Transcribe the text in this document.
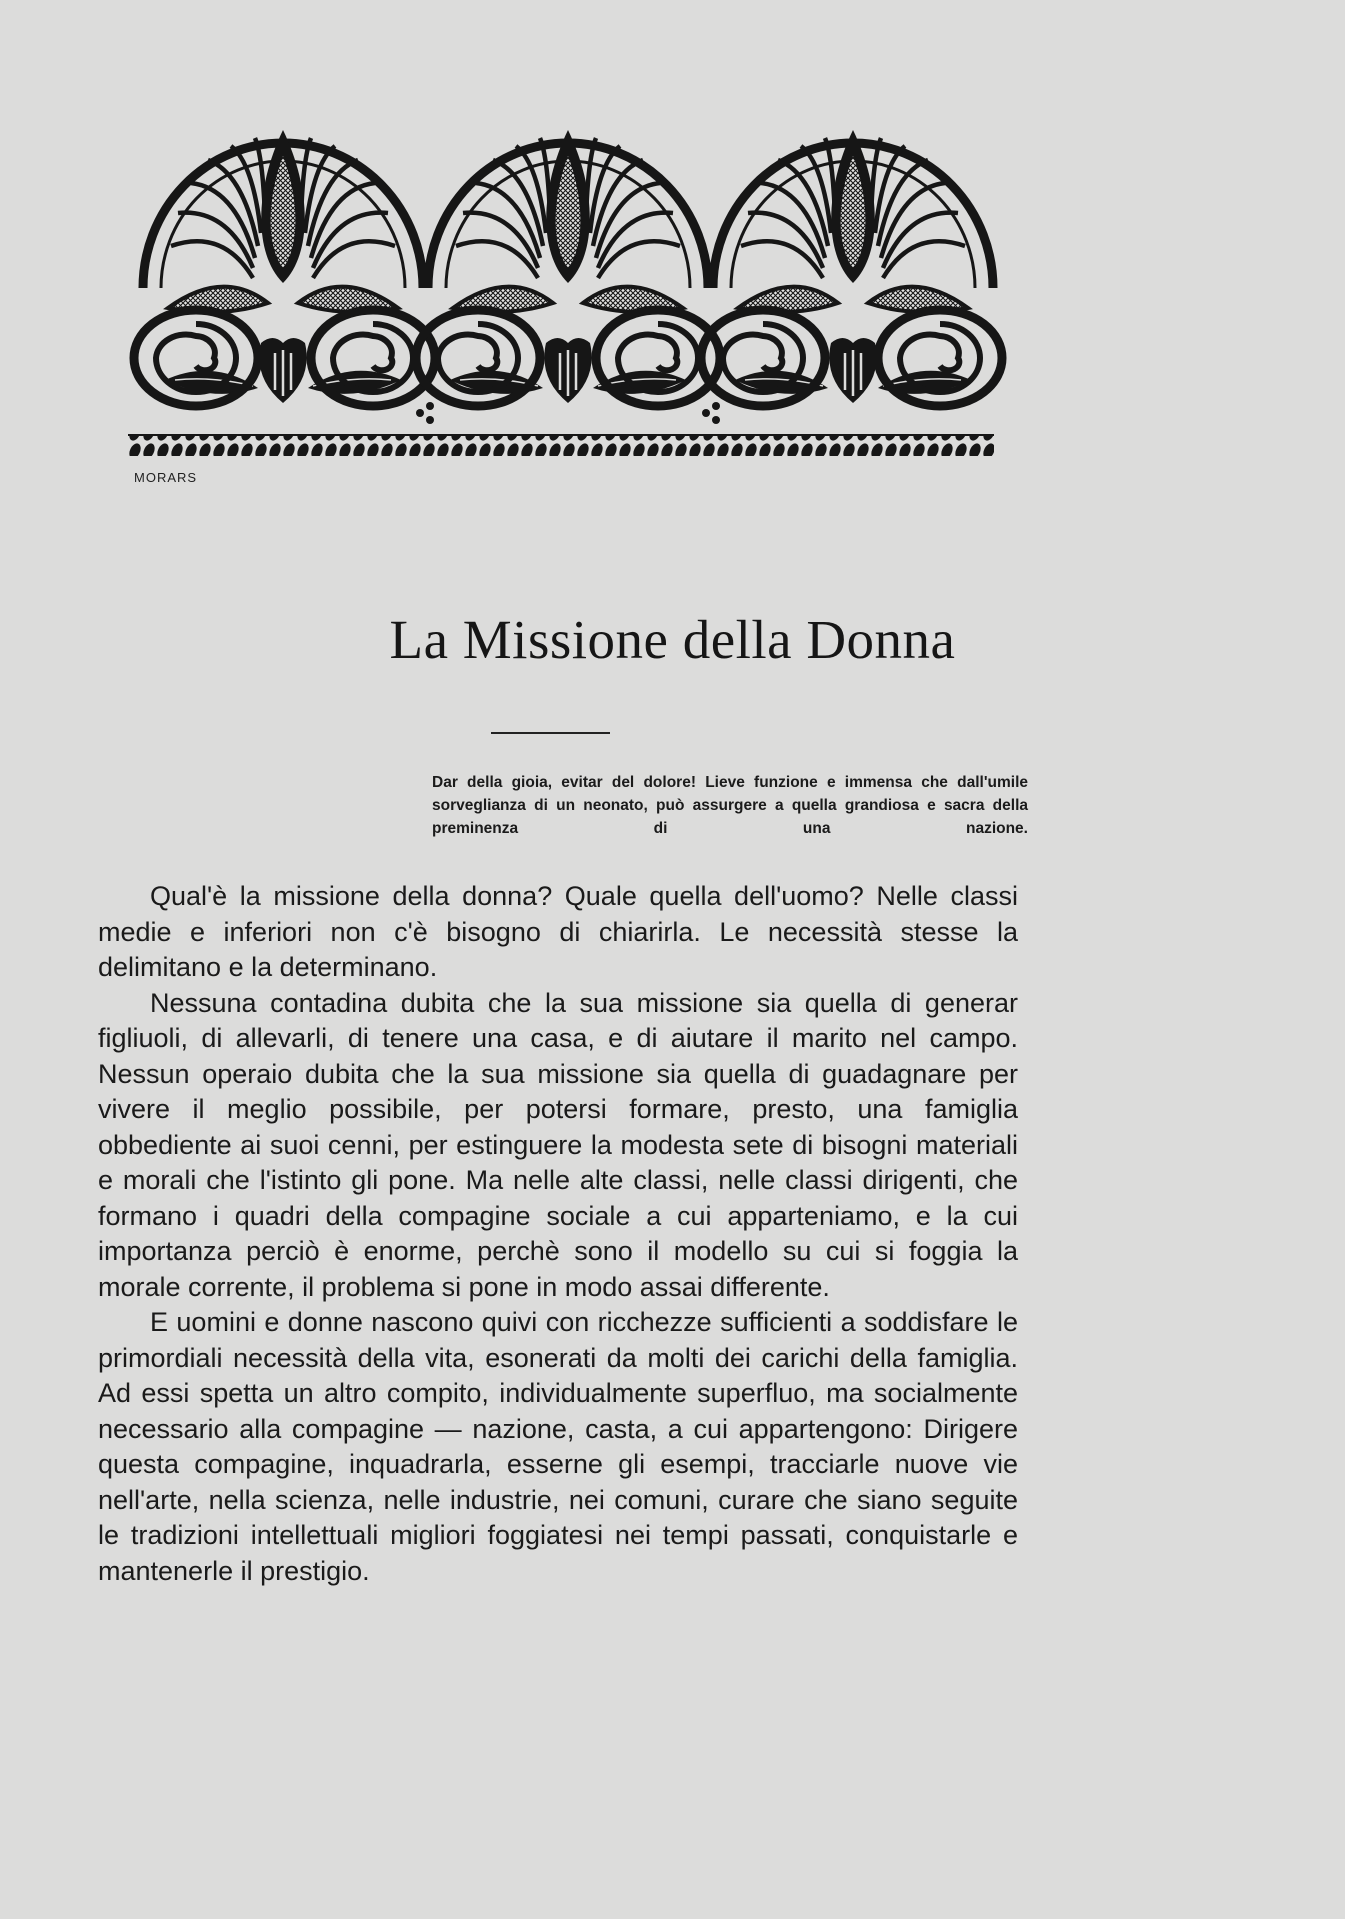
MORARS
La Missione della Donna

Dar della gioia, evitar del dolore! Lieve funzione e immensa che dall'umile sorveglianza di un neonato, può assurgere a quella grandiosa e sacra della preminenza di una nazione.

Qual'è la missione della donna? Quale quella dell'uomo? Nelle classi medie e inferiori non c'è bisogno di chiarirla. Le necessità stesse la delimitano e la determinano.

Nessuna contadina dubita che la sua missione sia quella di generar figliuoli, di allevarli, di tenere una casa, e di aiutare il marito nel campo. Nessun operaio dubita che la sua missione sia quella di guadagnare per vivere il meglio possibile, per potersi formare, presto, una famiglia obbediente ai suoi cenni, per estinguere la modesta sete di bisogni materiali e morali che l'istinto gli pone. Ma nelle alte classi, nelle classi dirigenti, che formano i quadri della compagine sociale a cui apparteniamo, e la cui importanza perciò è enorme, perchè sono il modello su cui si foggia la morale corrente, il problema si pone in modo assai differente.

E uomini e donne nascono quivi con ricchezze sufficienti a soddisfare le primordiali necessità della vita, esonerati da molti dei carichi della famiglia. Ad essi spetta un altro compito, individualmente superfluo, ma socialmente necessario alla compagine — nazione, casta, a cui appartengono: Dirigere questa compagine, inquadrarla, esserne gli esempi, tracciarle nuove vie nell'arte, nella scienza, nelle industrie, nei comuni, curare che siano seguite le tradizioni intellettuali migliori foggiatesi nei tempi passati, conquistarle e mantenerle il prestigio.
